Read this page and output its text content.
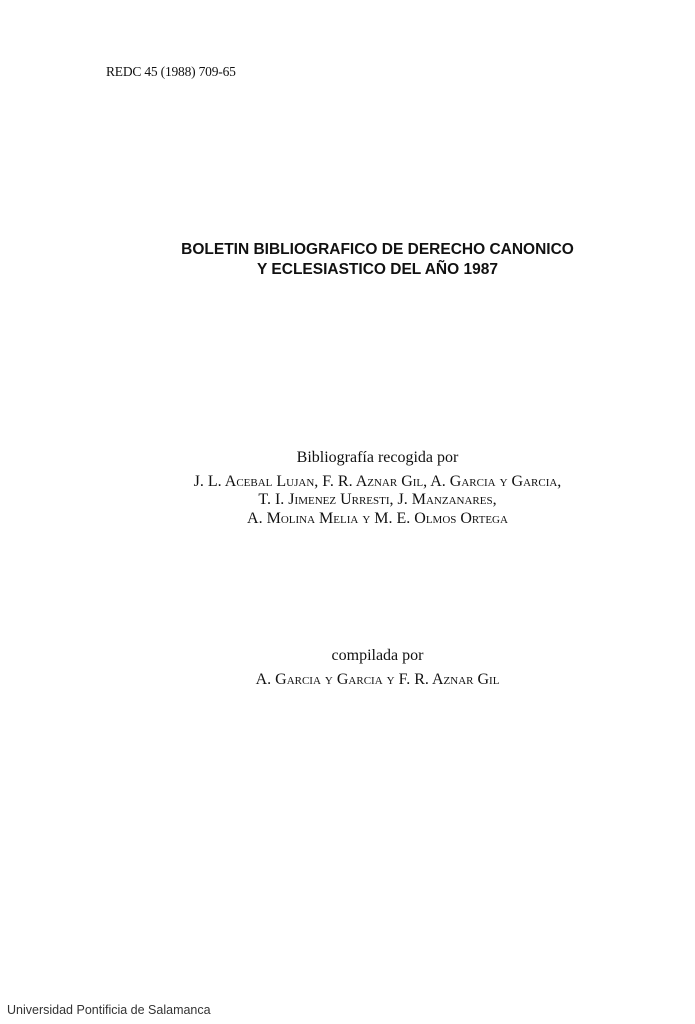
REDC 45 (1988) 709-65
BOLETIN BIBLIOGRAFICO DE DERECHO CANONICO
Y ECLESIASTICO DEL AÑO 1987
Bibliografía recogida por
J. L. Acebal Lujan, F. R. Aznar Gil, A. Garcia y Garcia,
T. I. Jimenez Urresti, J. Manzanares,
A. Molina Melia y M. E. Olmos Ortega
compilada por
A. Garcia y Garcia y F. R. Aznar Gil
Universidad Pontificia de Salamanca
